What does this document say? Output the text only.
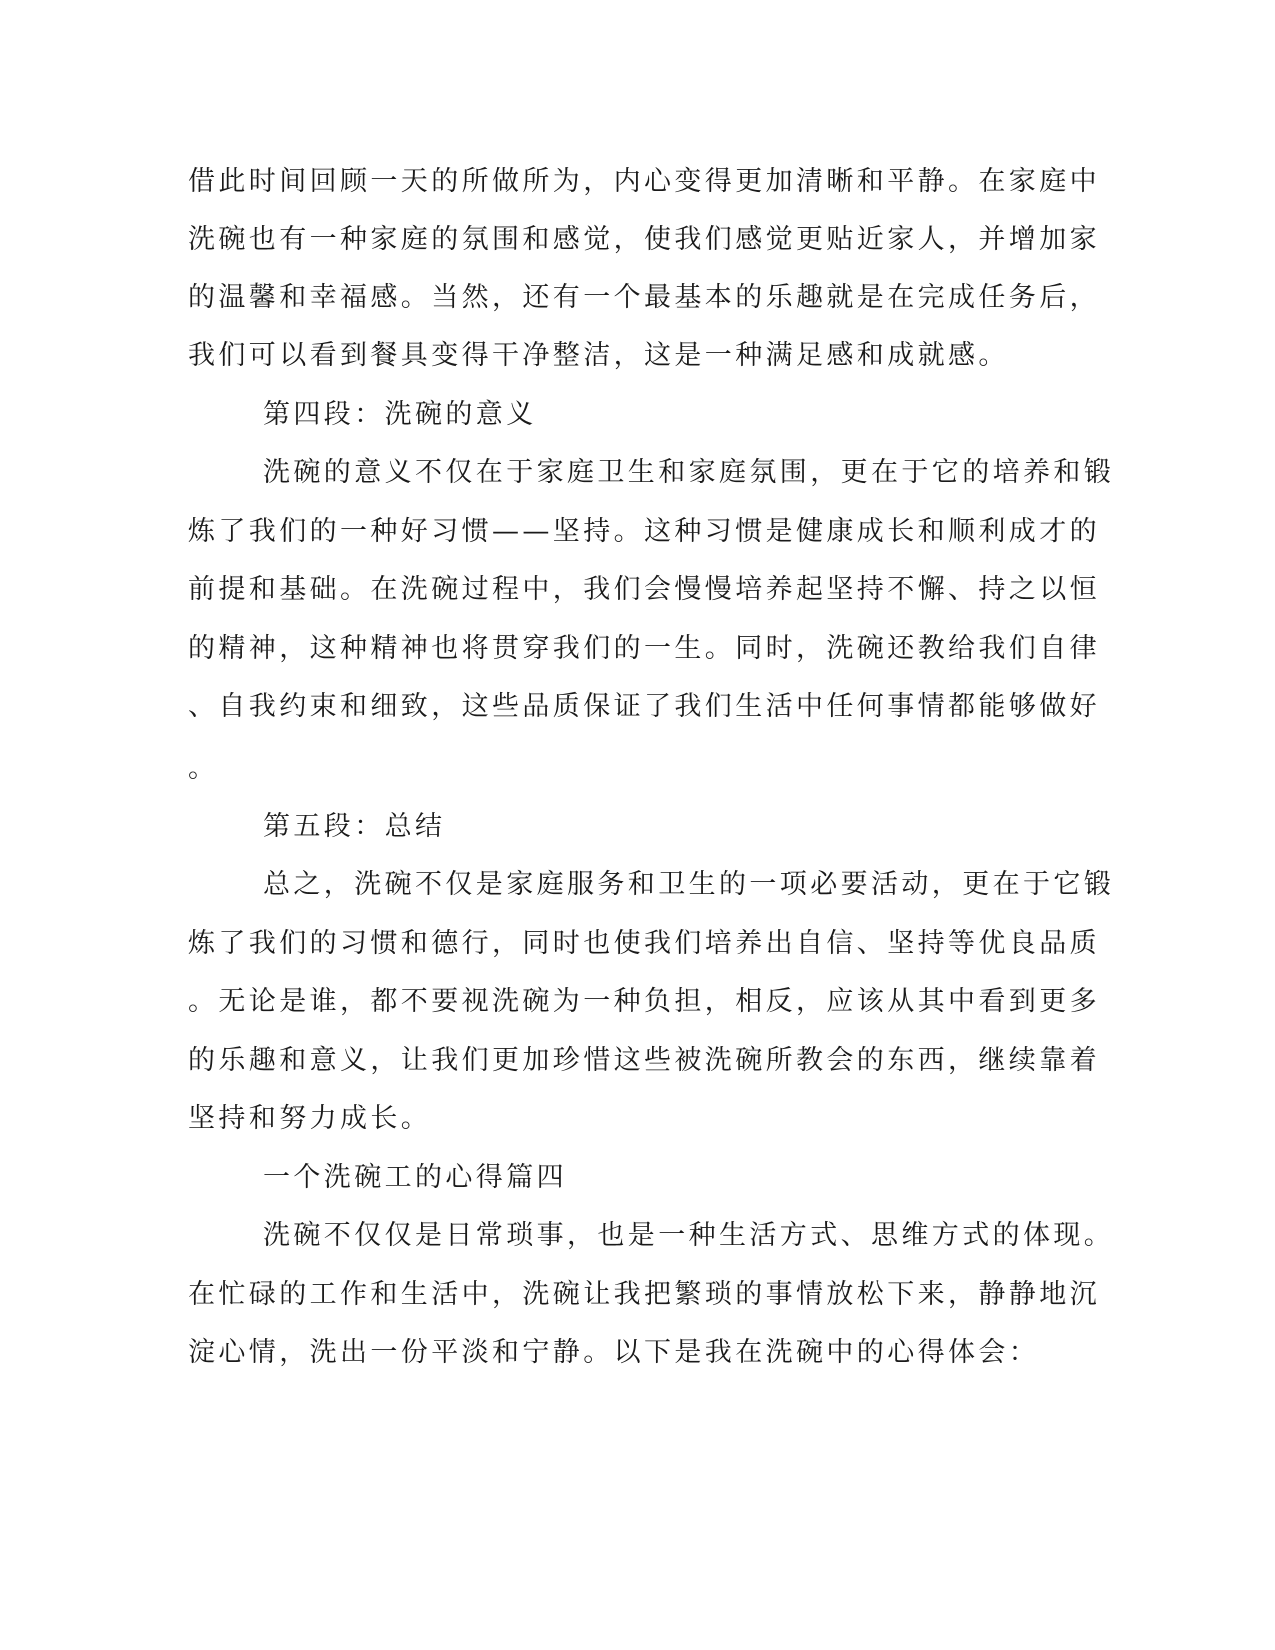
借此时间回顾一天的所做所为，内心变得更加清晰和平静。在家庭中
洗碗也有一种家庭的氛围和感觉，使我们感觉更贴近家人，并增加家
的温馨和幸福感。当然，还有一个最基本的乐趣就是在完成任务后，
我们可以看到餐具变得干净整洁，这是一种满足感和成就感。
第四段：洗碗的意义
洗碗的意义不仅在于家庭卫生和家庭氛围，更在于它的培养和锻
炼了我们的一种好习惯——坚持。这种习惯是健康成长和顺利成才的
前提和基础。在洗碗过程中，我们会慢慢培养起坚持不懈、持之以恒
的精神，这种精神也将贯穿我们的一生。同时，洗碗还教给我们自律
、自我约束和细致，这些品质保证了我们生活中任何事情都能够做好
。
第五段：总结
总之，洗碗不仅是家庭服务和卫生的一项必要活动，更在于它锻
炼了我们的习惯和德行，同时也使我们培养出自信、坚持等优良品质
。无论是谁，都不要视洗碗为一种负担，相反，应该从其中看到更多
的乐趣和意义，让我们更加珍惜这些被洗碗所教会的东西，继续靠着
坚持和努力成长。
一个洗碗工的心得篇四
洗碗不仅仅是日常琐事，也是一种生活方式、思维方式的体现。
在忙碌的工作和生活中，洗碗让我把繁琐的事情放松下来，静静地沉
淀心情，洗出一份平淡和宁静。以下是我在洗碗中的心得体会：
